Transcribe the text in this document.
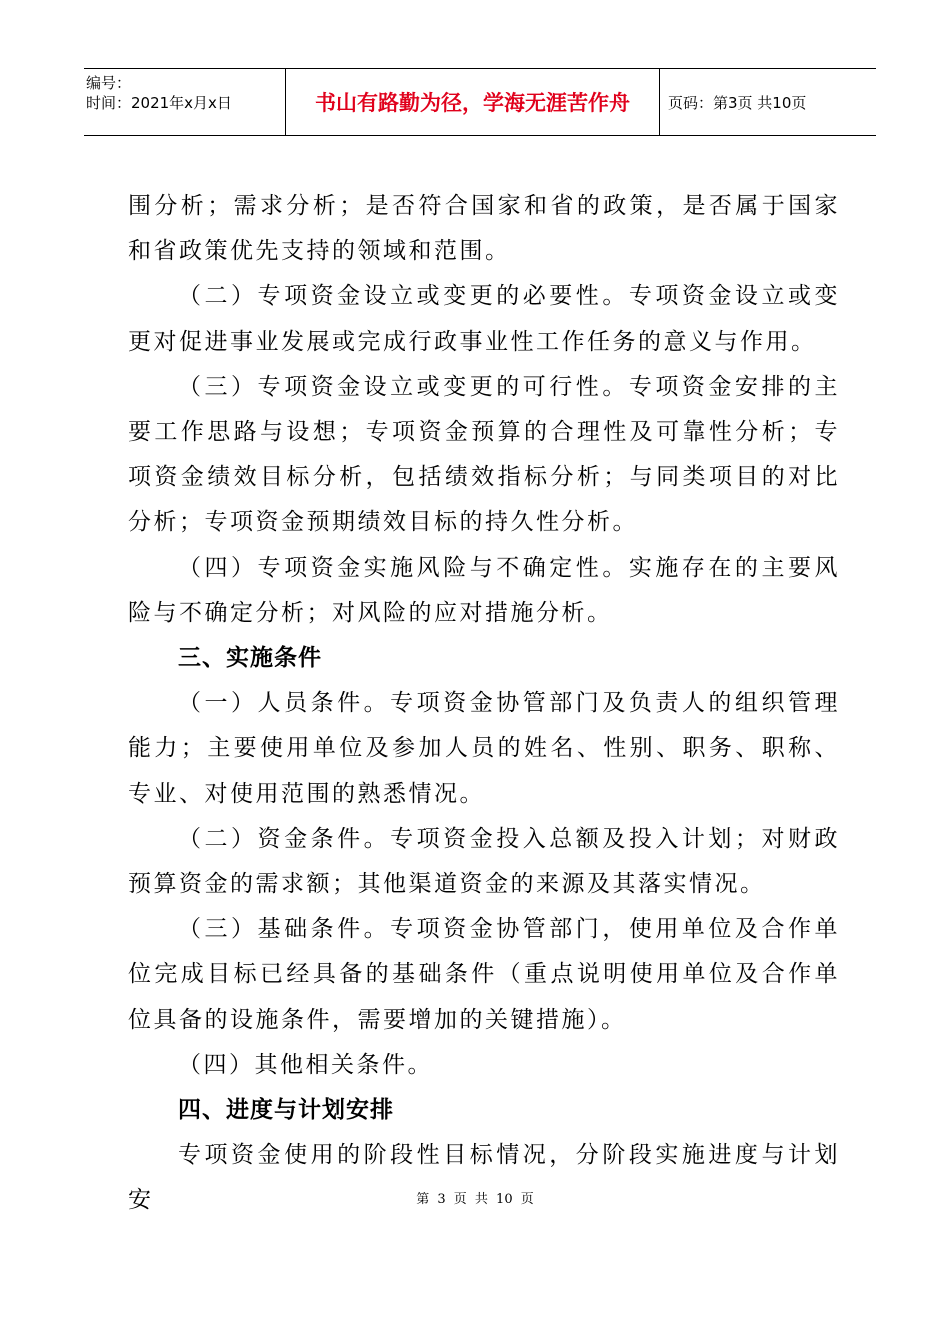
编号：
时间：2021年x月x日	书山有路勤为径，学海无涯苦作舟	页码：第3页 共10页

围分析；需求分析；是否符合国家和省的政策，是否属于国家和省政策优先支持的领域和范围。

（二）专项资金设立或变更的必要性。专项资金设立或变更对促进事业发展或完成行政事业性工作任务的意义与作用。

（三）专项资金设立或变更的可行性。专项资金安排的主要工作思路与设想；专项资金预算的合理性及可靠性分析；专项资金绩效目标分析，包括绩效指标分析；与同类项目的对比分析；专项资金预期绩效目标的持久性分析。

（四）专项资金实施风险与不确定性。实施存在的主要风险与不确定分析；对风险的应对措施分析。

三、实施条件

（一）人员条件。专项资金协管部门及负责人的组织管理能力；主要使用单位及参加人员的姓名、性别、职务、职称、专业、对使用范围的熟悉情况。

（二）资金条件。专项资金投入总额及投入计划；对财政预算资金的需求额；其他渠道资金的来源及其落实情况。

（三）基础条件。专项资金协管部门，使用单位及合作单位完成目标已经具备的基础条件（重点说明使用单位及合作单位具备的设施条件，需要增加的关键措施）。

（四）其他相关条件。

四、进度与计划安排

专项资金使用的阶段性目标情况，分阶段实施进度与计划安	第 3 页 共 10 页
